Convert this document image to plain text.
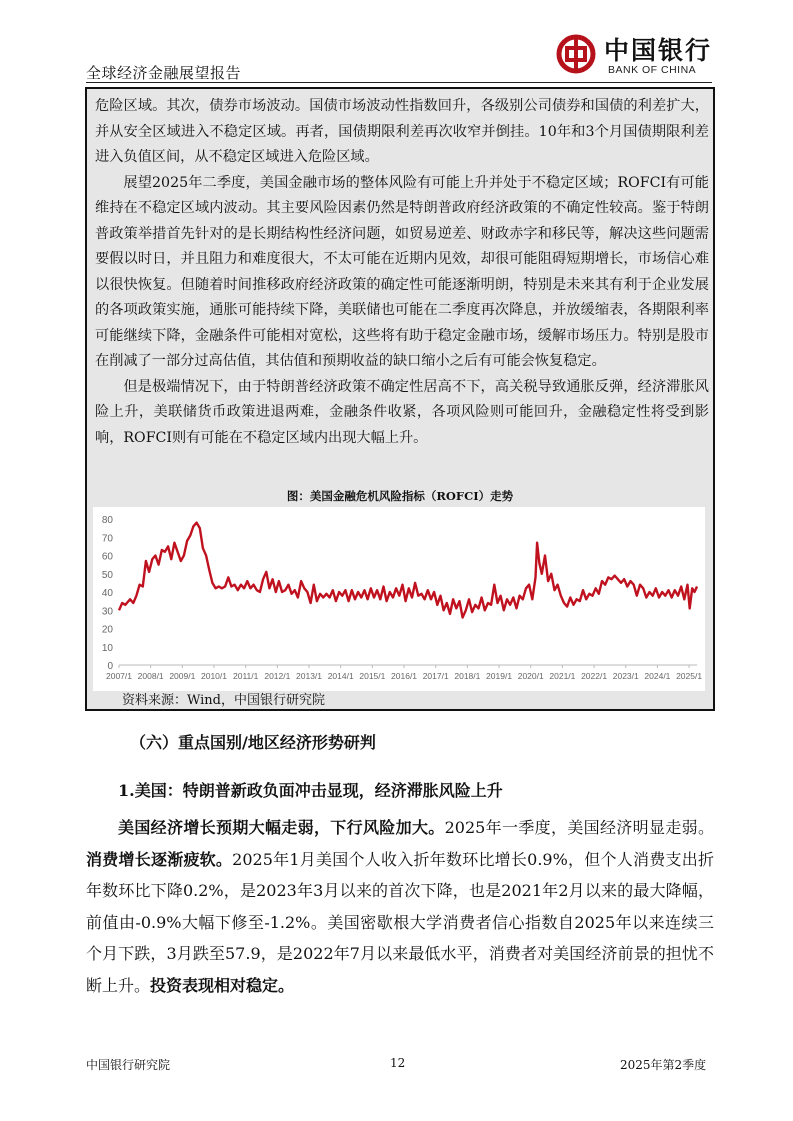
全球经济金融展望报告
中国银行
BANK OF CHINA

危险区域。其次，债券市场波动。国债市场波动性指数回升，各级别公司债券和国债的利差扩大，并从安全区域进入不稳定区域。再者，国债期限利差再次收窄并倒挂。10年和3个月国债期限利差进入负值区间，从不稳定区域进入危险区域。

展望2025年二季度，美国金融市场的整体风险有可能上升并处于不稳定区域；ROFCI有可能维持在不稳定区域内波动。其主要风险因素仍然是特朗普政府经济政策的不确定性较高。鉴于特朗普政策举措首先针对的是长期结构性经济问题，如贸易逆差、财政赤字和移民等，解决这些问题需要假以时日，并且阻力和难度很大，不太可能在近期内见效，却很可能阻碍短期增长，市场信心难以很快恢复。但随着时间推移政府经济政策的确定性可能逐渐明朗，特别是未来其有利于企业发展的各项政策实施，通胀可能持续下降，美联储也可能在二季度再次降息，并放缓缩表，各期限利率可能继续下降，金融条件可能相对宽松，这些将有助于稳定金融市场，缓解市场压力。特别是股市在削减了一部分过高估值，其估值和预期收益的缺口缩小之后有可能会恢复稳定。

但是极端情况下，由于特朗普经济政策不确定性居高不下，高关税导致通胀反弹，经济滞胀风险上升，美联储货币政策进退两难，金融条件收紧，各项风险则可能回升，金融稳定性将受到影响，ROFCI则有可能在不稳定区域内出现大幅上升。

图：美国金融危机风险指标（ROFCI）走势
0
10
20
30
40
50
60
70
80
2007/1 2008/1 2009/1 2010/1 2011/1 2012/1 2013/1 2014/1 2015/1 2016/1 2017/1 2018/1 2019/1 2020/1 2021/1 2022/1 2023/1 2024/1 2025/1
资料来源：Wind，中国银行研究院
（六）重点国别/地区经济形势研判
1.美国：特朗普新政负面冲击显现，经济滞胀风险上升

美国经济增长预期大幅走弱，下行风险加大。2025年一季度，美国经济明显走弱。消费增长逐渐疲软。2025年1月美国个人收入折年数环比增长0.9%，但个人消费支出折年数环比下降0.2%，是2023年3月以来的首次下降，也是2021年2月以来的最大降幅，前值由-0.9%大幅下修至-1.2%。美国密歇根大学消费者信心指数自2025年以来连续三个月下跌，3月跌至57.9，是2022年7月以来最低水平，消费者对美国经济前景的担忧不断上升。投资表现相对稳定。

中国银行研究院	12	2025年第2季度
